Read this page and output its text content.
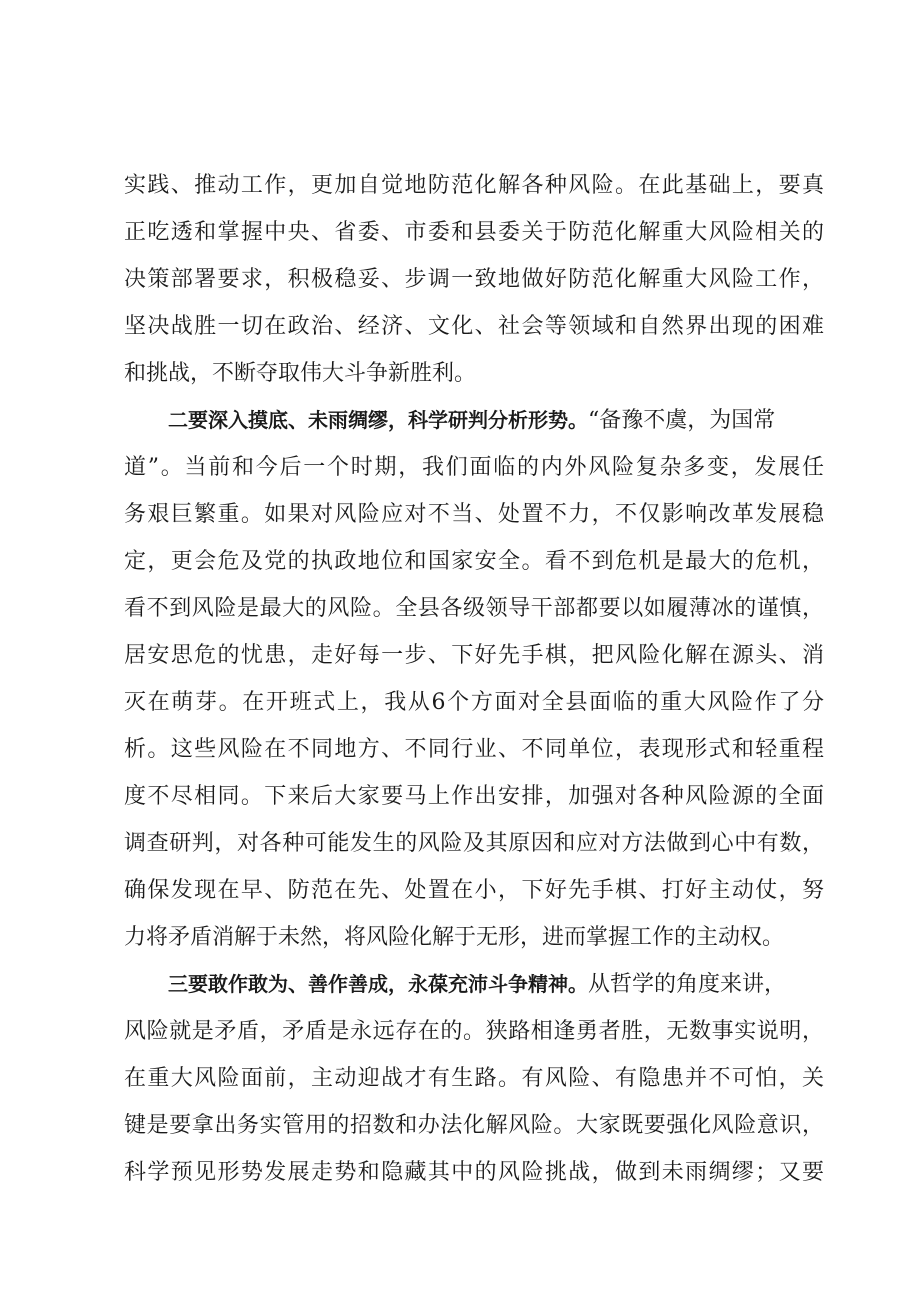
实践、推动工作，更加自觉地防范化解各种风险。在此基础上，要真
正吃透和掌握中央、省委、市委和县委关于防范化解重大风险相关的
决策部署要求，积极稳妥、步调一致地做好防范化解重大风险工作，
坚决战胜一切在政治、经济、文化、社会等领域和自然界出现的困难
和挑战，不断夺取伟大斗争新胜利。
二要深入摸底、未雨绸缪，科学研判分析形势。“备豫不虞，为国常
道”。当前和今后一个时期，我们面临的内外风险复杂多变，发展任
务艰巨繁重。如果对风险应对不当、处置不力，不仅影响改革发展稳
定，更会危及党的执政地位和国家安全。看不到危机是最大的危机，
看不到风险是最大的风险。全县各级领导干部都要以如履薄冰的谨慎，
居安思危的忧患，走好每一步、下好先手棋，把风险化解在源头、消
灭在萌芽。在开班式上，我从6个方面对全县面临的重大风险作了分
析。这些风险在不同地方、不同行业、不同单位，表现形式和轻重程
度不尽相同。下来后大家要马上作出安排，加强对各种风险源的全面
调查研判，对各种可能发生的风险及其原因和应对方法做到心中有数，
确保发现在早、防范在先、处置在小，下好先手棋、打好主动仗，努
力将矛盾消解于未然，将风险化解于无形，进而掌握工作的主动权。
三要敢作敢为、善作善成，永葆充沛斗争精神。从哲学的角度来讲，
风险就是矛盾，矛盾是永远存在的。狭路相逢勇者胜，无数事实说明，
在重大风险面前，主动迎战才有生路。有风险、有隐患并不可怕，关
键是要拿出务实管用的招数和办法化解风险。大家既要强化风险意识，
科学预见形势发展走势和隐藏其中的风险挑战，做到未雨绸缪；又要
